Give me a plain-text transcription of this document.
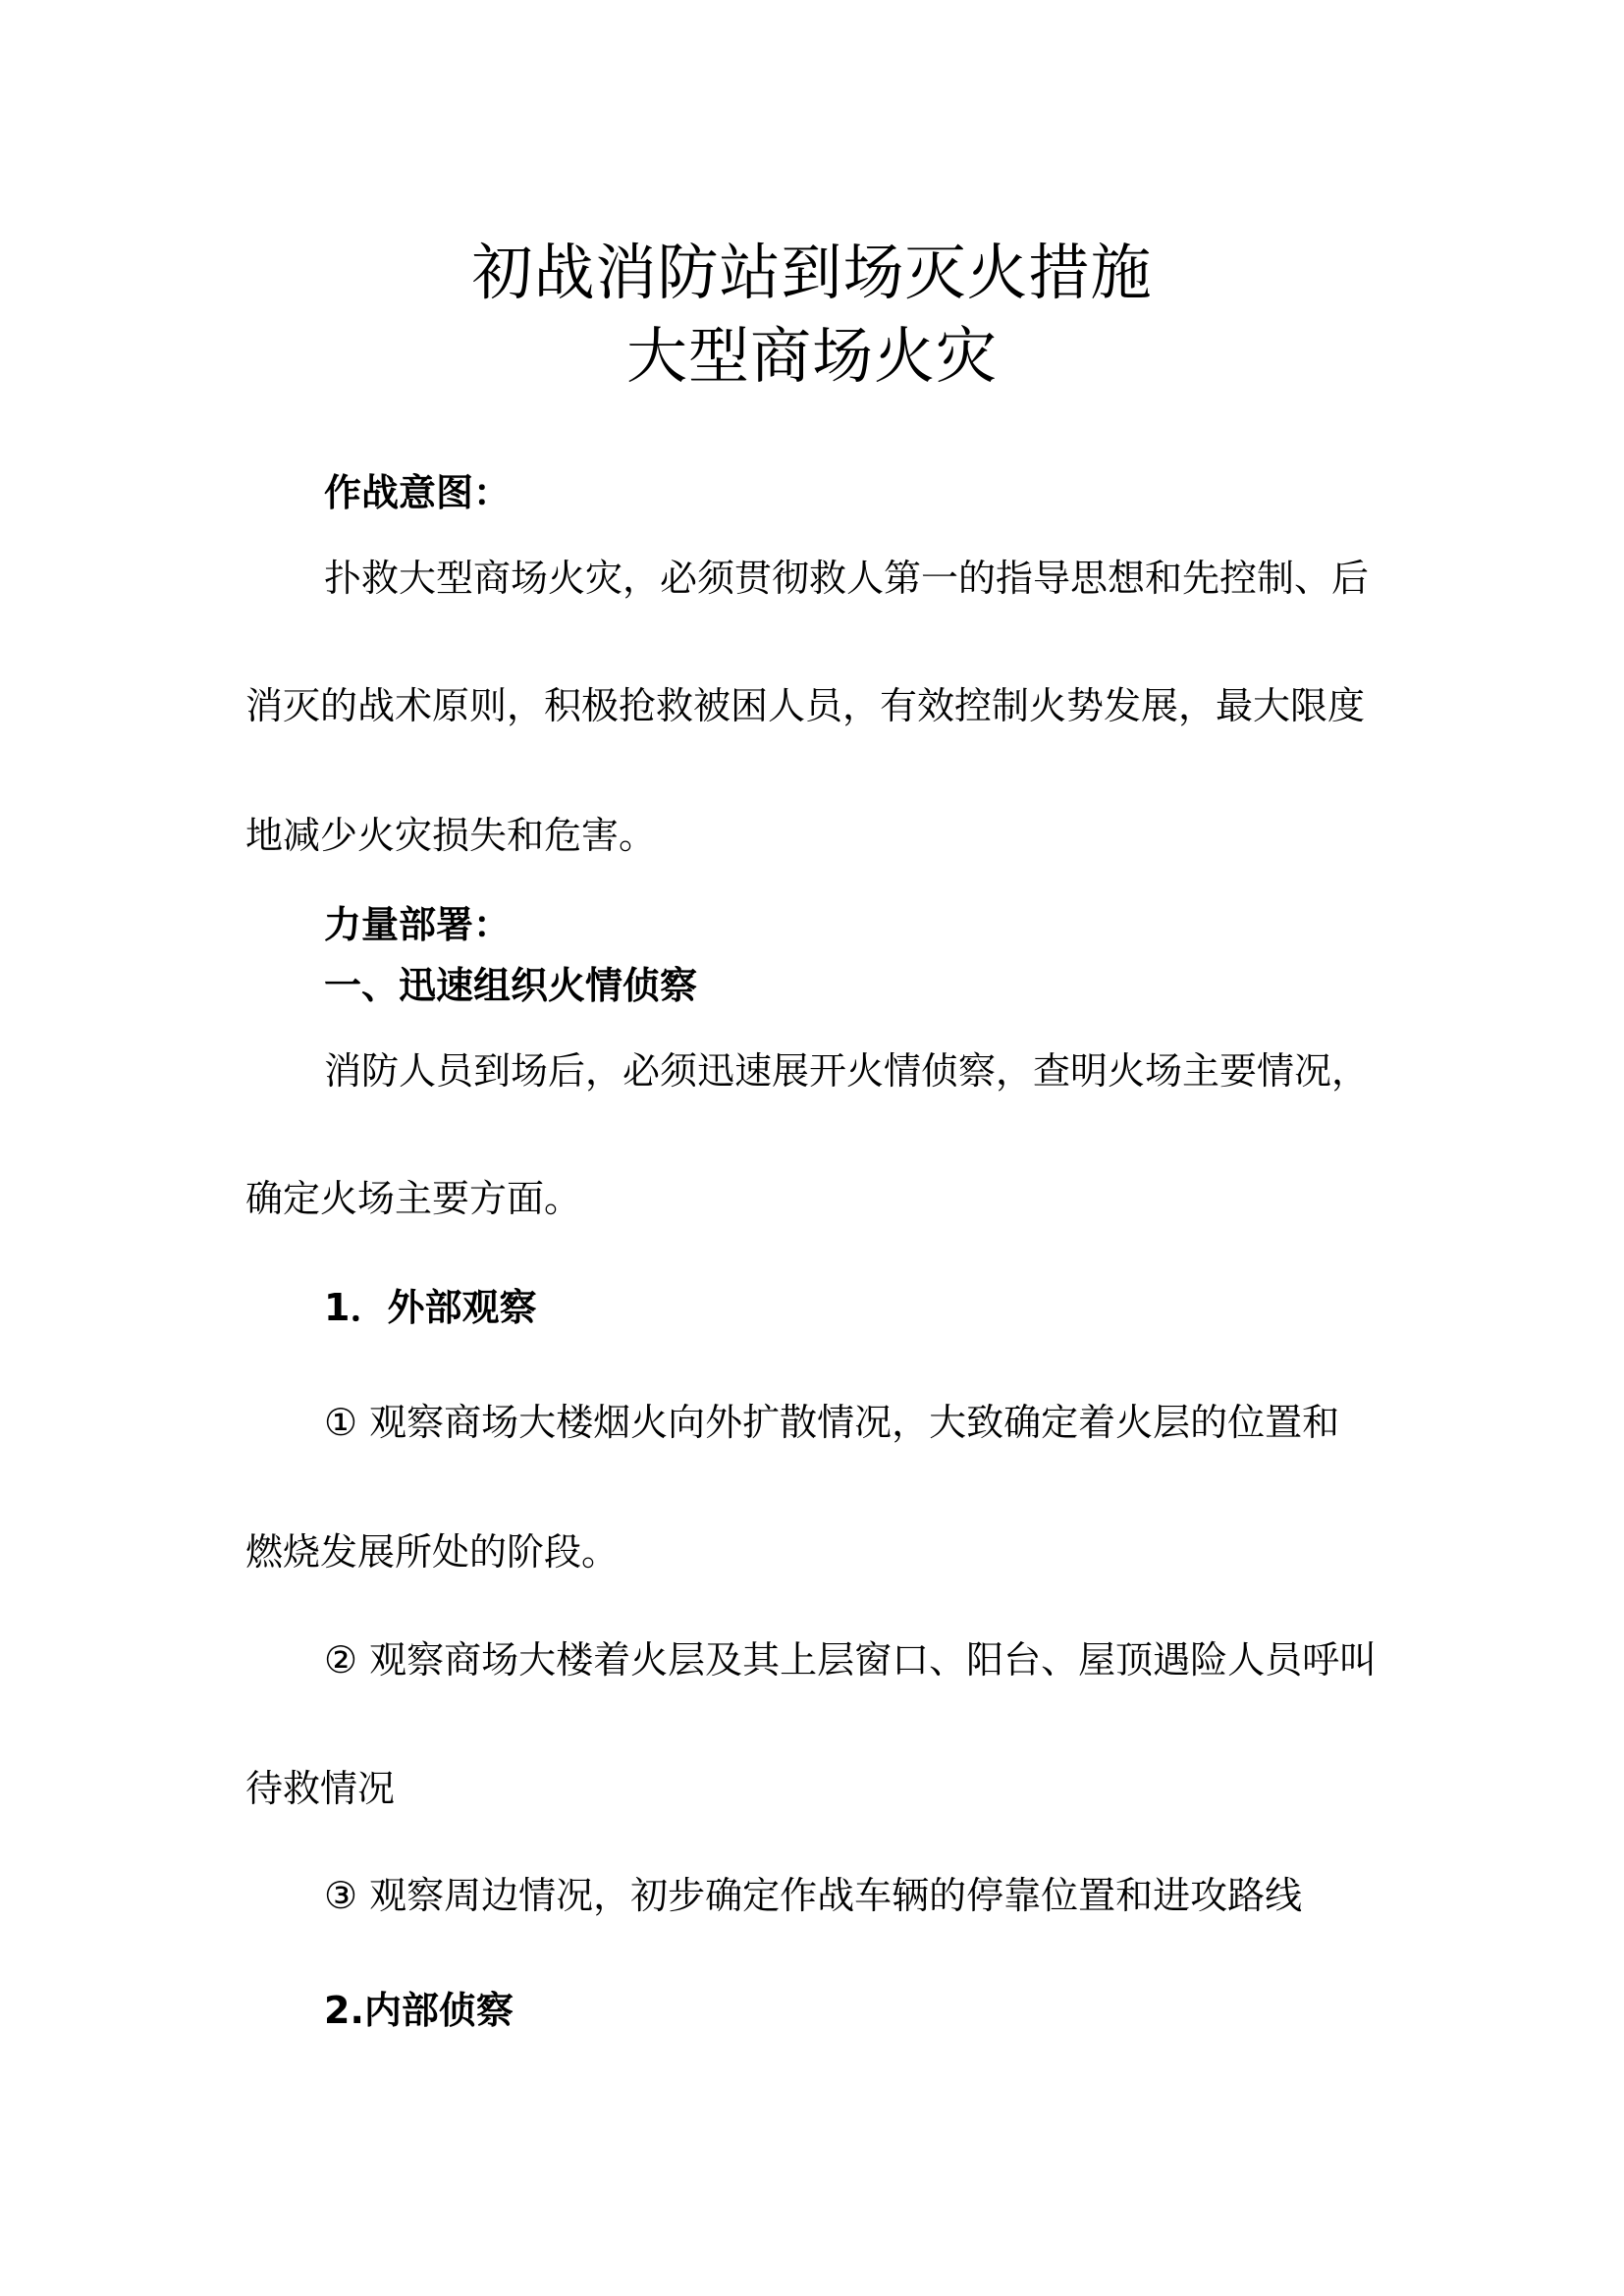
初战消防站到场灭火措施
大型商场火灾
作战意图：
扑救大型商场火灾，必须贯彻救人第一的指导思想和先控制、后
消灭的战术原则，积极抢救被困人员，有效控制火势发展，最大限度
地减少火灾损失和危害。
力量部署：
一、迅速组织火情侦察
消防人员到场后，必须迅速展开火情侦察，查明火场主要情况，
确定火场主要方面。
1．外部观察
① 观察商场大楼烟火向外扩散情况，大致确定着火层的位置和
燃烧发展所处的阶段。
② 观察商场大楼着火层及其上层窗口、阳台、屋顶遇险人员呼叫
待救情况
③ 观察周边情况，初步确定作战车辆的停靠位置和进攻路线
2.内部侦察
